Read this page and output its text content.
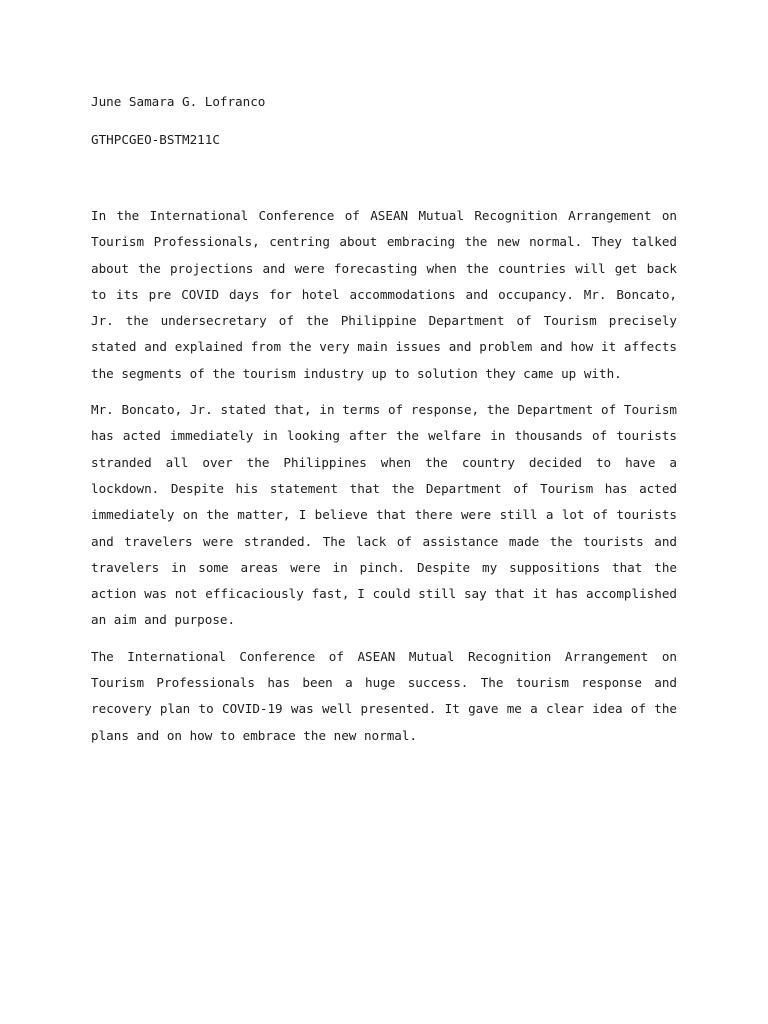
June Samara G. Lofranco

GTHPCGEO-BSTM211C

In the International Conference of ASEAN Mutual Recognition Arrangement on Tourism Professionals, centring about embracing the new normal. They talked about the projections and were forecasting when the countries will get back to its pre COVID days for hotel accommodations and occupancy. Mr. Boncato, Jr. the undersecretary of the Philippine Department of Tourism precisely stated and explained from the very main issues and problem and how it affects the segments of the tourism industry up to solution they came up with.

Mr. Boncato, Jr. stated that, in terms of response, the Department of Tourism has acted immediately in looking after the welfare in thousands of tourists stranded all over the Philippines when the country decided to have a lockdown. Despite his statement that the Department of Tourism has acted immediately on the matter, I believe that there were still a lot of tourists and travelers were stranded. The lack of assistance made the tourists and travelers in some areas were in pinch. Despite my suppositions that the action was not efficaciously fast, I could still say that it has accomplished an aim and purpose.

The International Conference of ASEAN Mutual Recognition Arrangement on Tourism Professionals has been a huge success. The tourism response and recovery plan to COVID-19 was well presented. It gave me a clear idea of the plans and on how to embrace the new normal.
